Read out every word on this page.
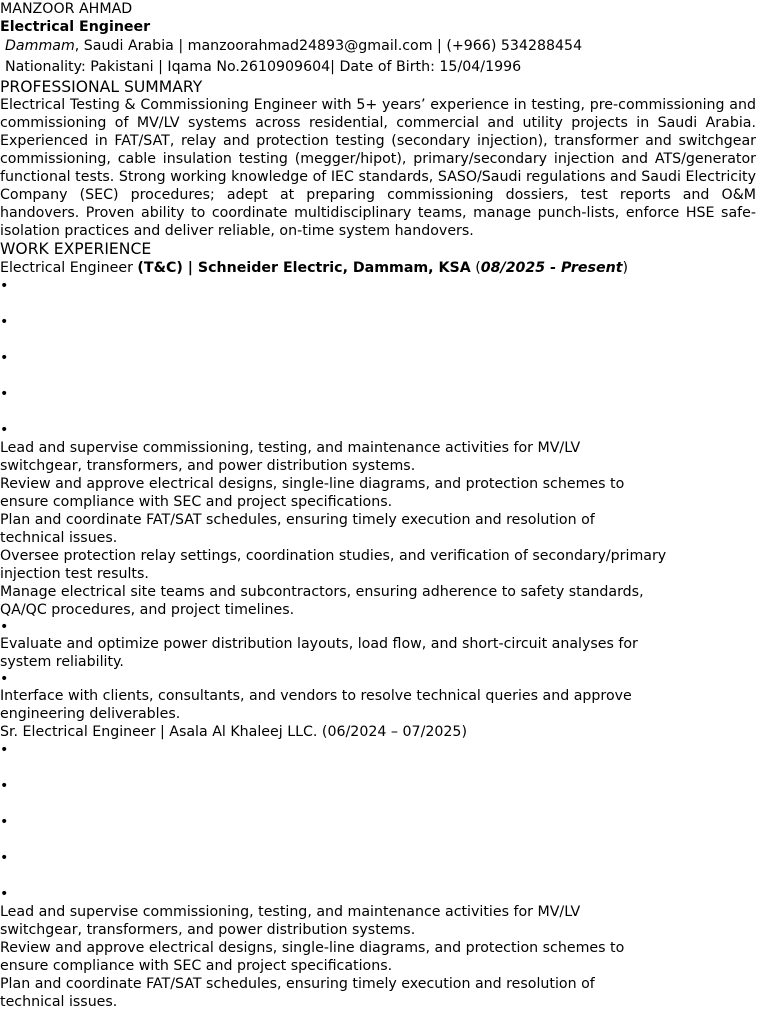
MANZOOR AHMAD
Electrical Engineer
Dammam, Saudi Arabia | manzoorahmad24893@gmail.com | (+966) 534288454
Nationality: Pakistani | Iqama No.2610909604| Date of Birth: 15/04/1996
PROFESSIONAL SUMMARY
Electrical Testing & Commissioning Engineer with 5+ years’ experience in testing, pre-commissioning and commissioning of MV/LV systems across residential, commercial and utility projects in Saudi Arabia. Experienced in FAT/SAT, relay and protection testing (secondary injection), transformer and switchgear commissioning, cable insulation testing (megger/hipot), primary/secondary injection and ATS/generator functional tests. Strong working knowledge of IEC standards, SASO/Saudi regulations and Saudi Electricity Company (SEC) procedures; adept at preparing commissioning dossiers, test reports and O&M handovers. Proven ability to coordinate multidisciplinary teams, manage punch-lists, enforce HSE safe-isolation practices and deliver reliable, on-time system handovers.
WORK EXPERIENCE
Electrical Engineer (T&C) | Schneider Electric, Dammam, KSA (08/2025 - Present)
•
•
•
•
•
Lead and supervise commissioning, testing, and maintenance activities for MV/LV
switchgear, transformers, and power distribution systems.
Review and approve electrical designs, single-line diagrams, and protection schemes to
ensure compliance with SEC and project specifications.
Plan and coordinate FAT/SAT schedules, ensuring timely execution and resolution of
technical issues.
Oversee protection relay settings, coordination studies, and verification of secondary/primary
injection test results.
Manage electrical site teams and subcontractors, ensuring adherence to safety standards,
QA/QC procedures, and project timelines.
•
Evaluate and optimize power distribution layouts, load flow, and short-circuit analyses for
system reliability.
•
Interface with clients, consultants, and vendors to resolve technical queries and approve
engineering deliverables.
Sr. Electrical Engineer | Asala Al Khaleej LLC. (06/2024 – 07/2025)
•
•
•
•
•
Lead and supervise commissioning, testing, and maintenance activities for MV/LV
switchgear, transformers, and power distribution systems.
Review and approve electrical designs, single-line diagrams, and protection schemes to
ensure compliance with SEC and project specifications.
Plan and coordinate FAT/SAT schedules, ensuring timely execution and resolution of
technical issues.
